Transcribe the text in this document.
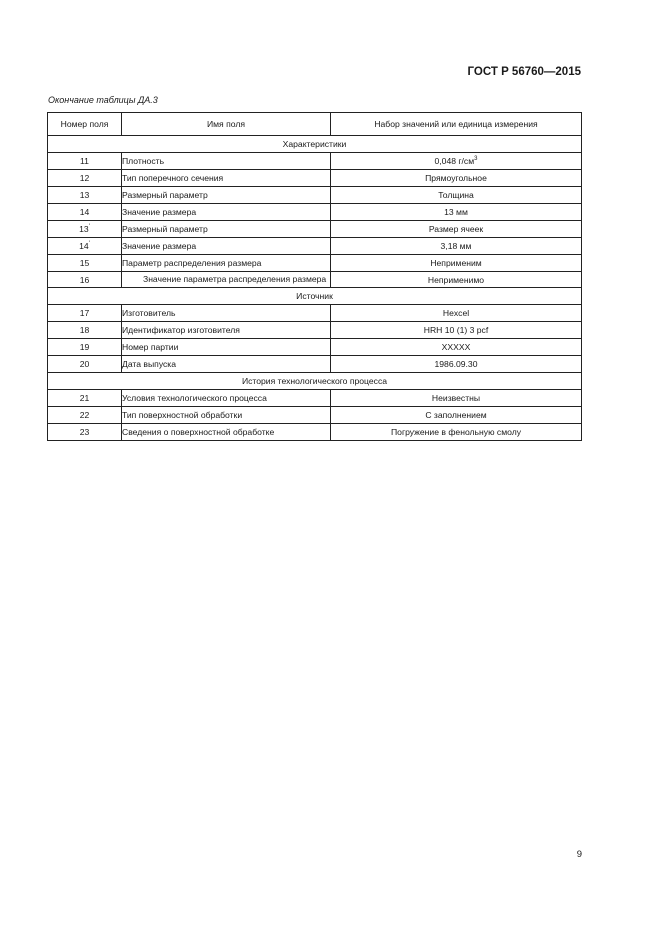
ГОСТ Р 56760—2015
Окончание таблицы ДА.3
Номер поля	Имя поля	Набор значений или единица измерения
Характеристики		
11	Плотность	0,048 $г/см^3$
12	Тип поперечного сечения	Прямоугольное
13	Размерный параметр	Толщина
14	Значение размера	13 мм
13'	Размерный параметр	Размер ячеек
14'	Значение размера	3,18 мм
15	Параметр распределения размера	Неприменим
16	Значение параметра распределения размера	Неприменимо
Источник		
17	Изготовитель	Hexcel
18	Идентификатор изготовителя	HRH 10 (1) 3 pcf
19	Номер партии	XXXXX
20	Дата выпуска	1986.09.30
История технологического процесса		
21	Условия технологического процесса	Неизвестны
22	Тип поверхностной обработки	С заполнением
23	Сведения о поверхностной обработке	Погружение в фенольную смолу
9
